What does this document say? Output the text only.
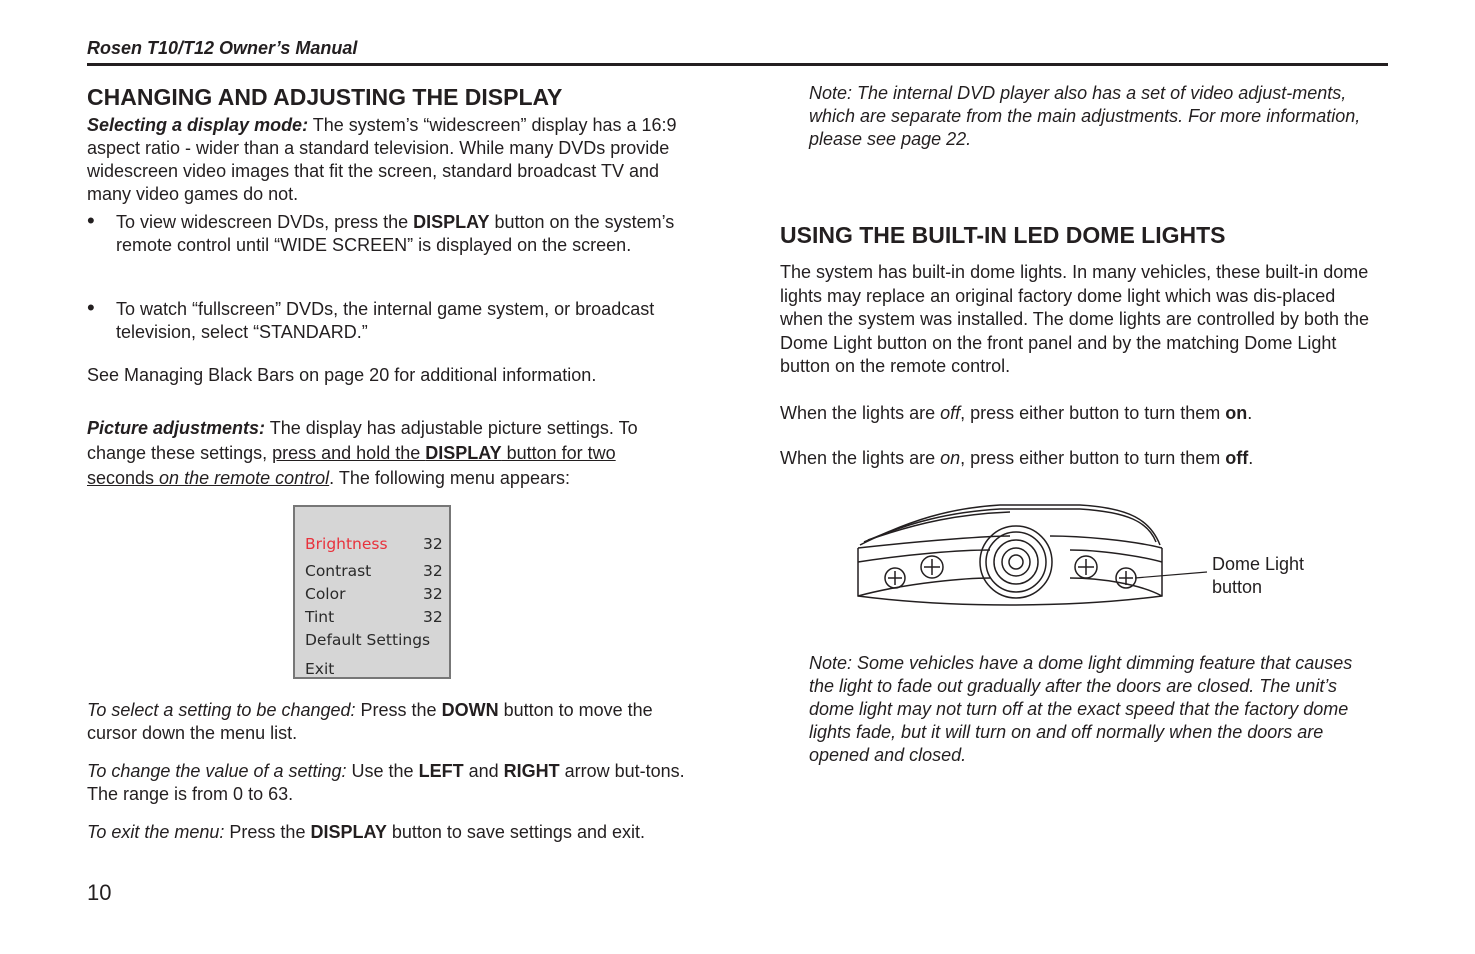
Rosen T10/T12 Owner’s Manual
CHANGING AND ADJUSTING THE DISPLAY

Selecting a display mode: The system’s “widescreen” display has a 16:9 aspect ratio - wider than a standard television. While many DVDs provide widescreen video images that fit the screen, standard broadcast TV and many video games do not.

•	To view widescreen DVDs, press the DISPLAY button on the system’s remote control until “WIDE SCREEN” is displayed on the screen.
•	To watch “fullscreen” DVDs, the internal game system, or broadcast television, select “STANDARD.”

See Managing Black Bars on page 20 for additional information.

Picture adjustments: The display has adjustable picture settings. To change these settings, press and hold the DISPLAY button for two seconds on the remote control. The following menu appears:

Brightness 32
Contrast	32
Color	32
Tint	32
Default Settings
Exit

To select a setting to be changed: Press the DOWN button to move the cursor down the menu list.

To change the value of a setting: Use the LEFT and RIGHT arrow but-tons. The range is from 0 to 63.

To exit the menu: Press the DISPLAY button to save settings and exit.

10

Note: The internal DVD player also has a set of video adjust-ments, which are separate from the main adjustments. For more information, please see page 22.

USING THE BUILT-IN LED DOME LIGHTS

The system has built-in dome lights. In many vehicles, these built-in dome lights may replace an original factory dome light which was dis-placed when the system was installed. The dome lights are controlled by both the Dome Light button on the front panel and by the matching Dome Light button on the remote control.

When the lights are off, press either button to turn them on.

When the lights are on, press either button to turn them off.

Dome Light button

Note: Some vehicles have a dome light dimming feature that causes the light to fade out gradually after the doors are closed. The unit’s dome light may not turn off at the exact speed that the factory dome lights fade, but it will turn on and off normally when the doors are opened and closed.
